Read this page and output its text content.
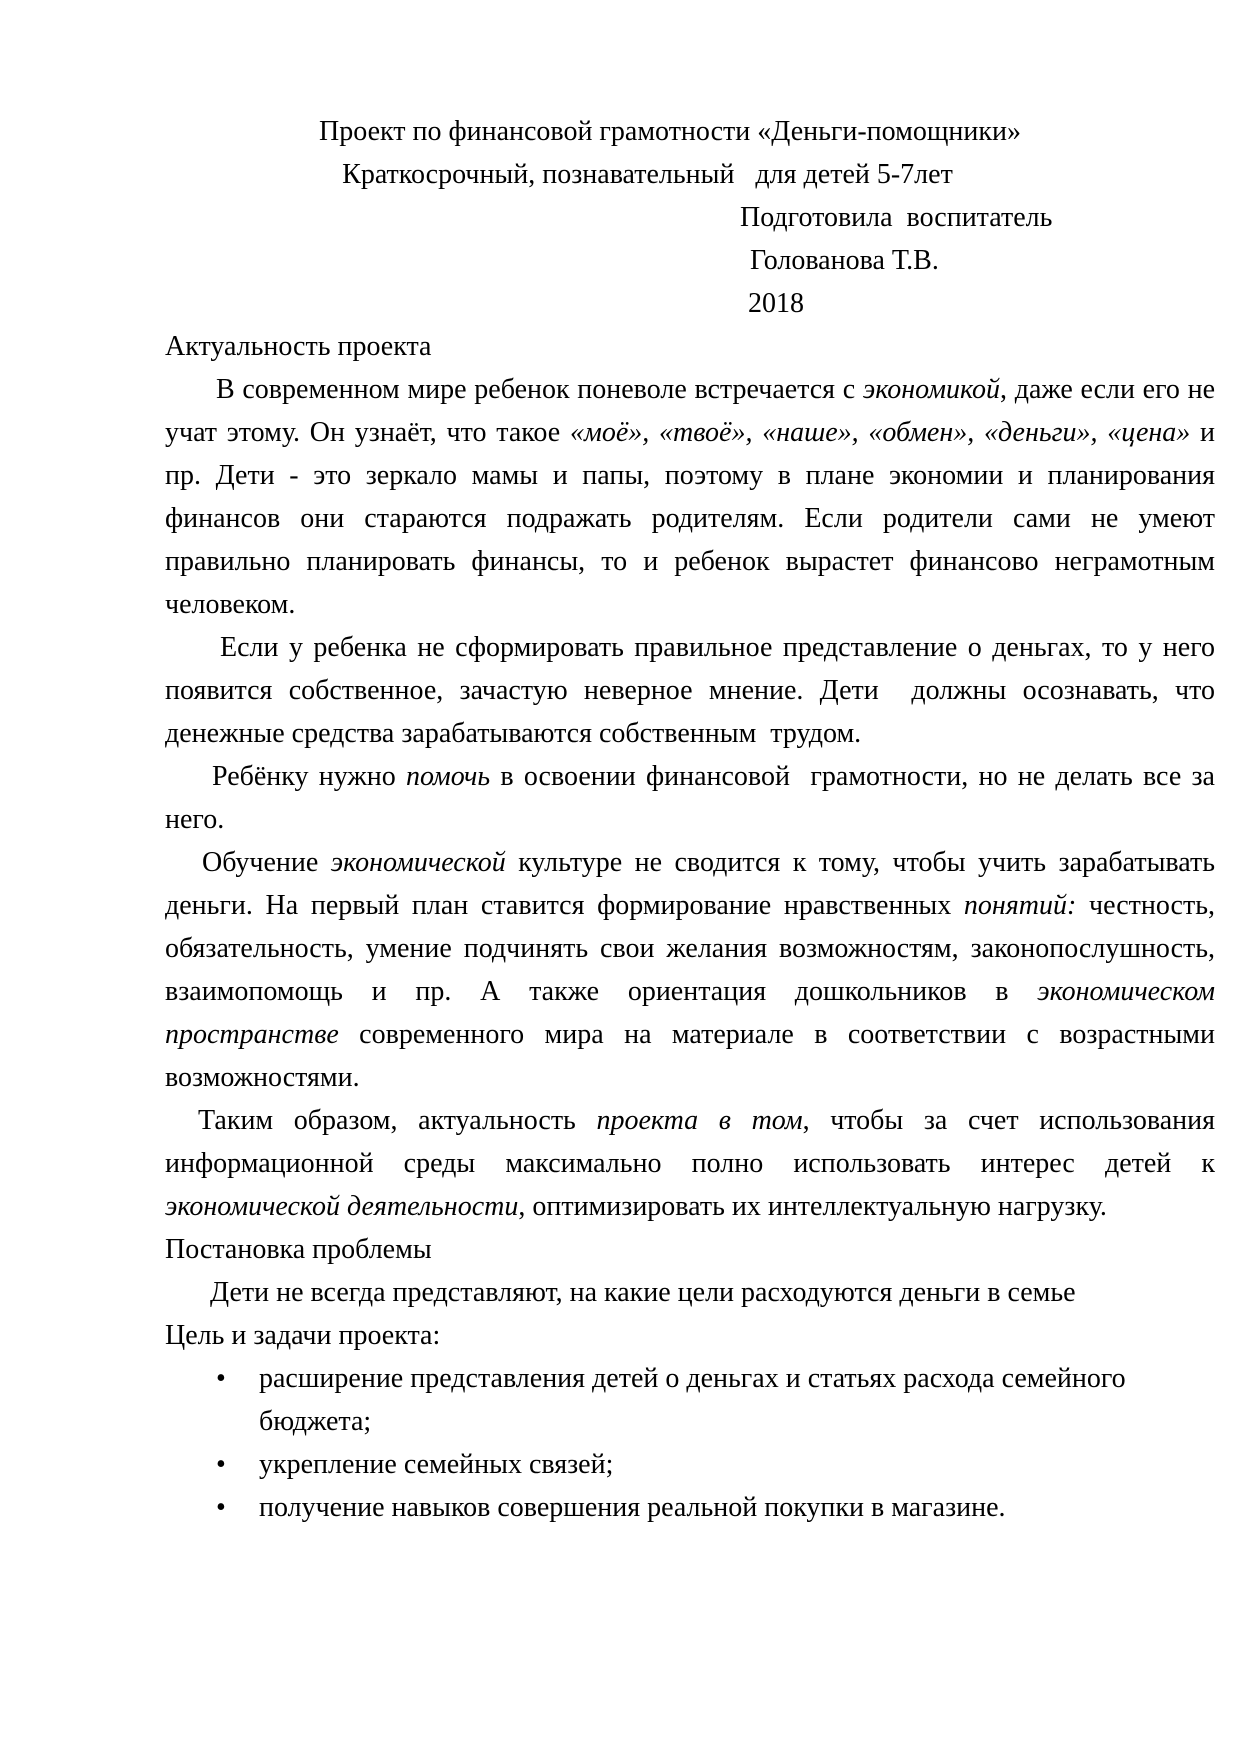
Проект по финансовой грамотности «Деньги-помощники»

Краткосрочный, познавательный   для детей 5-7лет

Подготовила  воспитатель

Голованова Т.В.

2018

Актуальность проекта

В современном мире ребенок поневоле встречается с экономикой, даже если его не учат этому. Он узнаёт, что такое «моё», «твоё», «наше», «обмен», «деньги», «цена» и пр. Дети - это зеркало мамы и папы, поэтому в плане экономии и планирования финансов они стараются подражать родителям. Если родители сами не умеют правильно планировать финансы, то и ребенок вырастет финансово неграмотным человеком.

Если у ребенка не сформировать правильное представление о деньгах, то у него появится собственное, зачастую неверное мнение. Дети  должны осознавать, что денежные средства зарабатываются собственным  трудом.

Ребёнку нужно помочь в освоении финансовой  грамотности, но не делать все за него.

Обучение экономической культуре не сводится к тому, чтобы учить зарабатывать деньги. На первый план ставится формирование нравственных понятий: честность, обязательность, умение подчинять свои желания возможностям, законопослушность, взаимопомощь и пр. А также ориентация дошкольников в экономическом пространстве современного мира на материале в соответствии с возрастными возможностями.

Таким образом, актуальность проекта в том, чтобы за счет использования информационной среды максимально полно использовать интерес детей к экономической деятельности, оптимизировать их интеллектуальную нагрузку.

Постановка проблемы

Дети не всегда представляют, на какие цели расходуются деньги в семье

Цель и задачи проекта:

• расширение представления детей о деньгах и статьях расхода семейного бюджета;

• укрепление семейных связей;

• получение навыков совершения реальной покупки в магазине.
